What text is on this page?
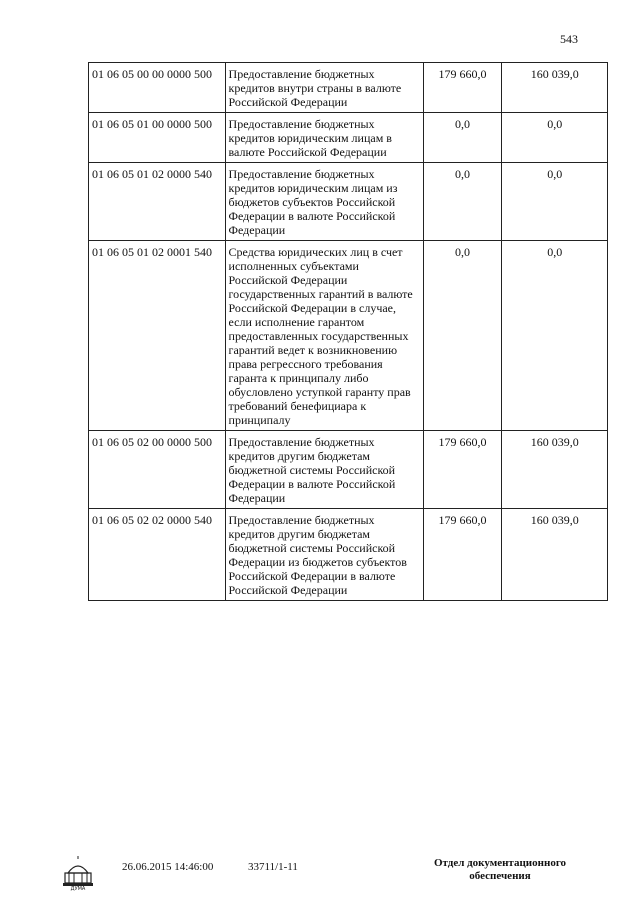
543
01 06 05 00 00 0000 500	Предоставление бюджетных кредитов внутри страны в валюте Российской Федерации	179 660,0	160 039,0
01 06 05 01 00 0000 500	Предоставление бюджетных кредитов юридическим лицам в валюте Российской Федерации	0,0	0,0
01 06 05 01 02 0000 540	Предоставление бюджетных кредитов юридическим лицам из бюджетов субъектов Российской Федерации в валюте Российской Федерации	0,0	0,0
01 06 05 01 02 0001 540	Средства юридических лиц в счет исполненных субъектами Российской Федерации государственных гарантий в валюте Российской Федерации в случае, если исполнение гарантом предоставленных государственных гарантий ведет к возникновению права регрессного требования гаранта к принципалу либо обусловлено уступкой гаранту прав требований бенефициара к принципалу	0,0	0,0
01 06 05 02 00 0000 500	Предоставление бюджетных кредитов другим бюджетам бюджетной системы Российской Федерации в валюте Российской Федерации	179 660,0	160 039,0
01 06 05 02 02 0000 540	Предоставление бюджетных кредитов другим бюджетам бюджетной системы Российской Федерации из бюджетов субъектов Российской Федерации в валюте Российской Федерации	179 660,0	160 039,0
ДУМА
26.06.2015 14:46:00	33711/1-11	Отдел документационного
обеспечения
